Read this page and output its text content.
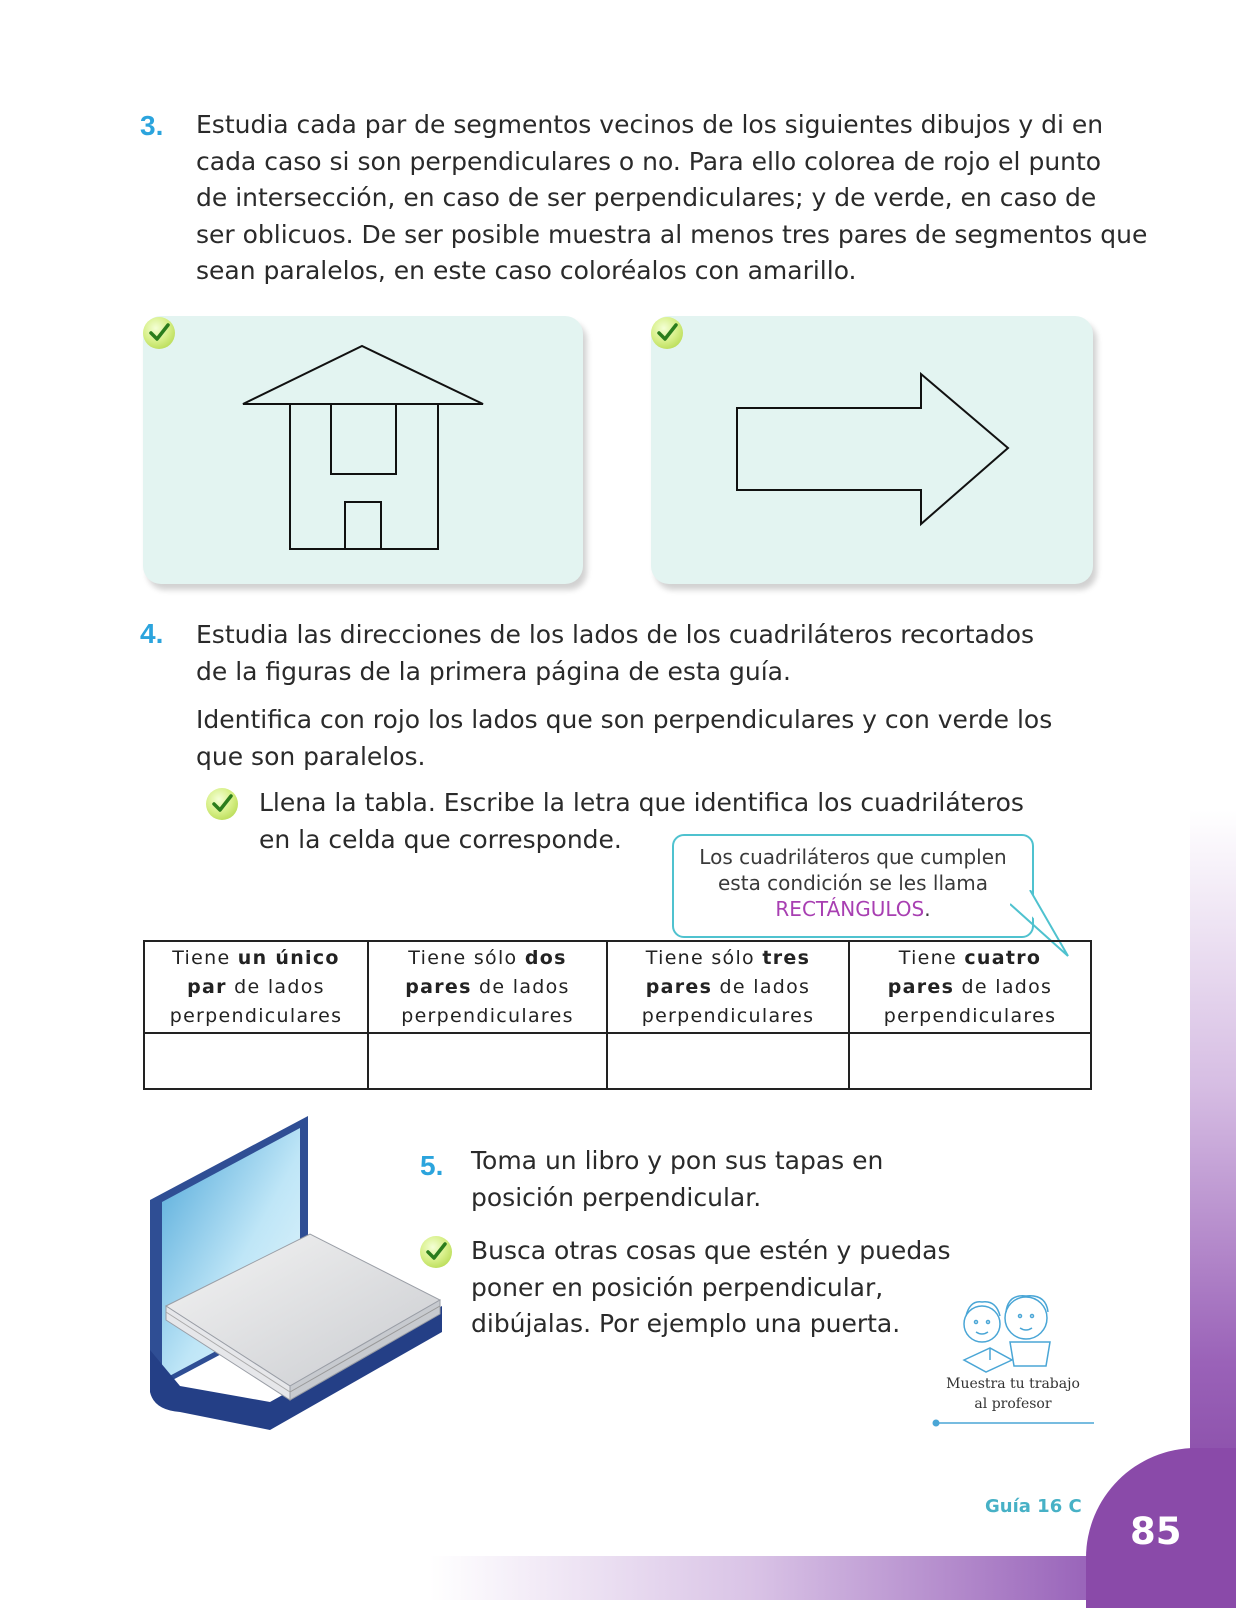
3. Estudia cada par de segmentos vecinos de los siguientes dibujos y di en
cada caso si son perpendiculares o no. Para ello colorea de rojo el punto
de intersección, en caso de ser perpendiculares; y de verde, en caso de
ser oblicuos. De ser posible muestra al menos tres pares de segmentos que
sean paralelos, en este caso coloréalos con amarillo.
4. Estudia las direcciones de los lados de los cuadriláteros recortados
de la figuras de la primera página de esta guía.
Identifica con rojo los lados que son perpendiculares y con verde los
que son paralelos.
Llena la tabla. Escribe la letra que identifica los cuadriláteros
en la celda que corresponde.
Los cuadriláteros que cumplen
esta condición se les llama
RECTÁNGULOS.
Tiene un único
par de lados
perpendiculares	Tiene sólo dos
pares de lados
perpendiculares	Tiene sólo tres
pares de lados
perpendiculares	Tiene cuatro
pares de lados
perpendiculares

5. Toma un libro y pon sus tapas en
posición perpendicular.
Busca otras cosas que estén y puedas
poner en posición perpendicular,
dibújalas. Por ejemplo una puerta.
Muestra tu trabajo
al profesor
Guía 16 C
85
